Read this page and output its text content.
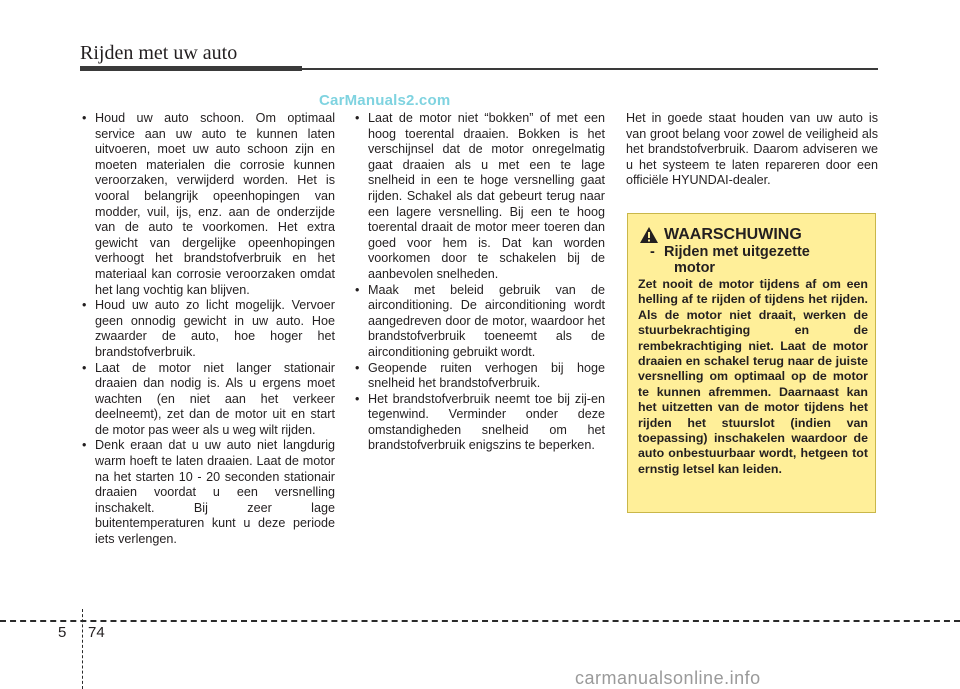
Rijden met uw auto
CarManuals2.com
• Houd uw auto schoon. Om optimaal service aan uw auto te kunnen laten uitvoeren, moet uw auto schoon zijn en moeten materialen die corrosie kunnen veroorzaken, verwijderd worden. Het is vooral belangrijk opeenhopingen van modder, vuil, ijs, enz. aan de onderzijde van de auto te voorkomen. Het extra gewicht van dergelijke opeenhopingen verhoogt het brandstofverbruik en het materiaal kan corrosie veroorzaken omdat het lang vochtig kan blijven.
• Houd uw auto zo licht mogelijk. Vervoer geen onnodig gewicht in uw auto. Hoe zwaarder de auto, hoe hoger het brandstofverbruik.
• Laat de motor niet langer stationair draaien dan nodig is. Als u ergens moet wachten (en niet aan het verkeer deelneemt), zet dan de motor uit en start de motor pas weer als u weg wilt rijden.
• Denk eraan dat u uw auto niet langdurig warm hoeft te laten draaien. Laat de motor na het starten 10 - 20 seconden stationair draaien voordat u een versnelling inschakelt. Bij zeer lage buitentemperaturen kunt u deze periode iets verlengen.
• Laat de motor niet “bokken” of met een hoog toerental draaien. Bokken is het verschijnsel dat de motor onregelmatig gaat draaien als u met een te lage snelheid in een te hoge versnelling gaat rijden. Schakel als dat gebeurt terug naar een lagere versnelling. Bij een te hoog toerental draait de motor meer toeren dan goed voor hem is. Dat kan worden voorkomen door te schakelen bij de aanbevolen snelheden.
• Maak met beleid gebruik van de airconditioning. De airconditioning wordt aangedreven door de motor, waardoor het brandstofverbruik toeneemt als de airconditioning gebruikt wordt.
• Geopende ruiten verhogen bij hoge snelheid het brandstofverbruik.
• Het brandstofverbruik neemt toe bij zij-en tegenwind. Verminder onder deze omstandigheden snelheid om het brandstofverbruik enigszins te beperken.

Het in goede staat houden van uw auto is van groot belang voor zowel de veiligheid als het brandstofverbruik. Daarom adviseren we u het systeem te laten repareren door een officiële HYUNDAI-dealer.

WAARSCHUWING
- Rijden met uitgezette
motor
Zet nooit de motor tijdens af om een helling af te rijden of tijdens het rijden. Als de motor niet draait, werken de stuurbekrachtiging en de rembekrachtiging niet. Laat de motor draaien en schakel terug naar de juiste versnelling om optimaal op de motor te kunnen afremmen. Daarnaast kan het uitzetten van de motor tijdens het rijden het stuurslot (indien van toepassing) inschakelen waardoor de auto onbestuurbaar wordt, hetgeen tot ernstig letsel kan leiden.
5 74
carmanualsonline.info
